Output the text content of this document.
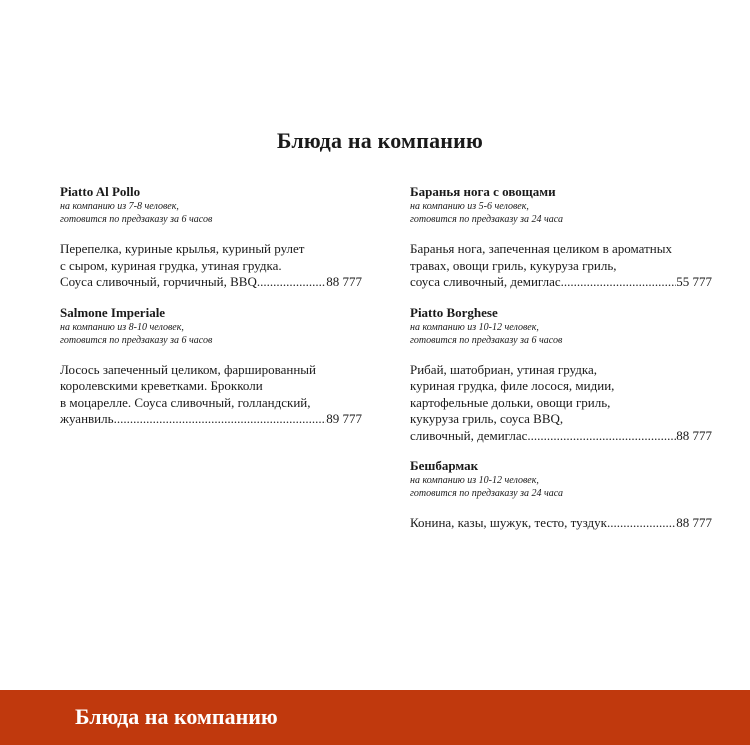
Блюда на компанию
Piatto Al Pollo
на компанию из 7-8 человек,
готовится по предзаказу за 6 часов
Перепелка, куриные крылья, куриный рулет
с сыром, куриная грудка, утиная грудка.
Соуса сливочный, горчичный, BBQ .....	88 777
Salmone Imperiale
на компанию из 8-10 человек,
готовится по предзаказу за 6 часов
Лосось запеченный целиком, фаршированный
королевскими креветками. Брокколи
в моцарелле. Соуса сливочный, голландский,
жуанвиль .....	89 777
Баранья нога с овощами
на компанию из 5-6 человек,
готовится по предзаказу за 24 часа
Баранья нога, запеченная целиком в ароматных
травах, овощи гриль, кукуруза гриль,
соуса сливочный, демиглас .....	55 777
Piatto Borghese
на компанию из 10-12 человек,
готовится по предзаказу за 6 часов
Рибай, шатобриан, утиная грудка,
куриная грудка, филе лосося, мидии,
картофельные дольки, овощи гриль,
кукуруза гриль, соуса BBQ,
сливочный, демиглас .....	88 777
Бешбармак
на компанию из 10-12 человек,
готовится по предзаказу за 24 часа
Конина, казы, шужук, тесто, туздук .....	88 777
Блюда на компанию
